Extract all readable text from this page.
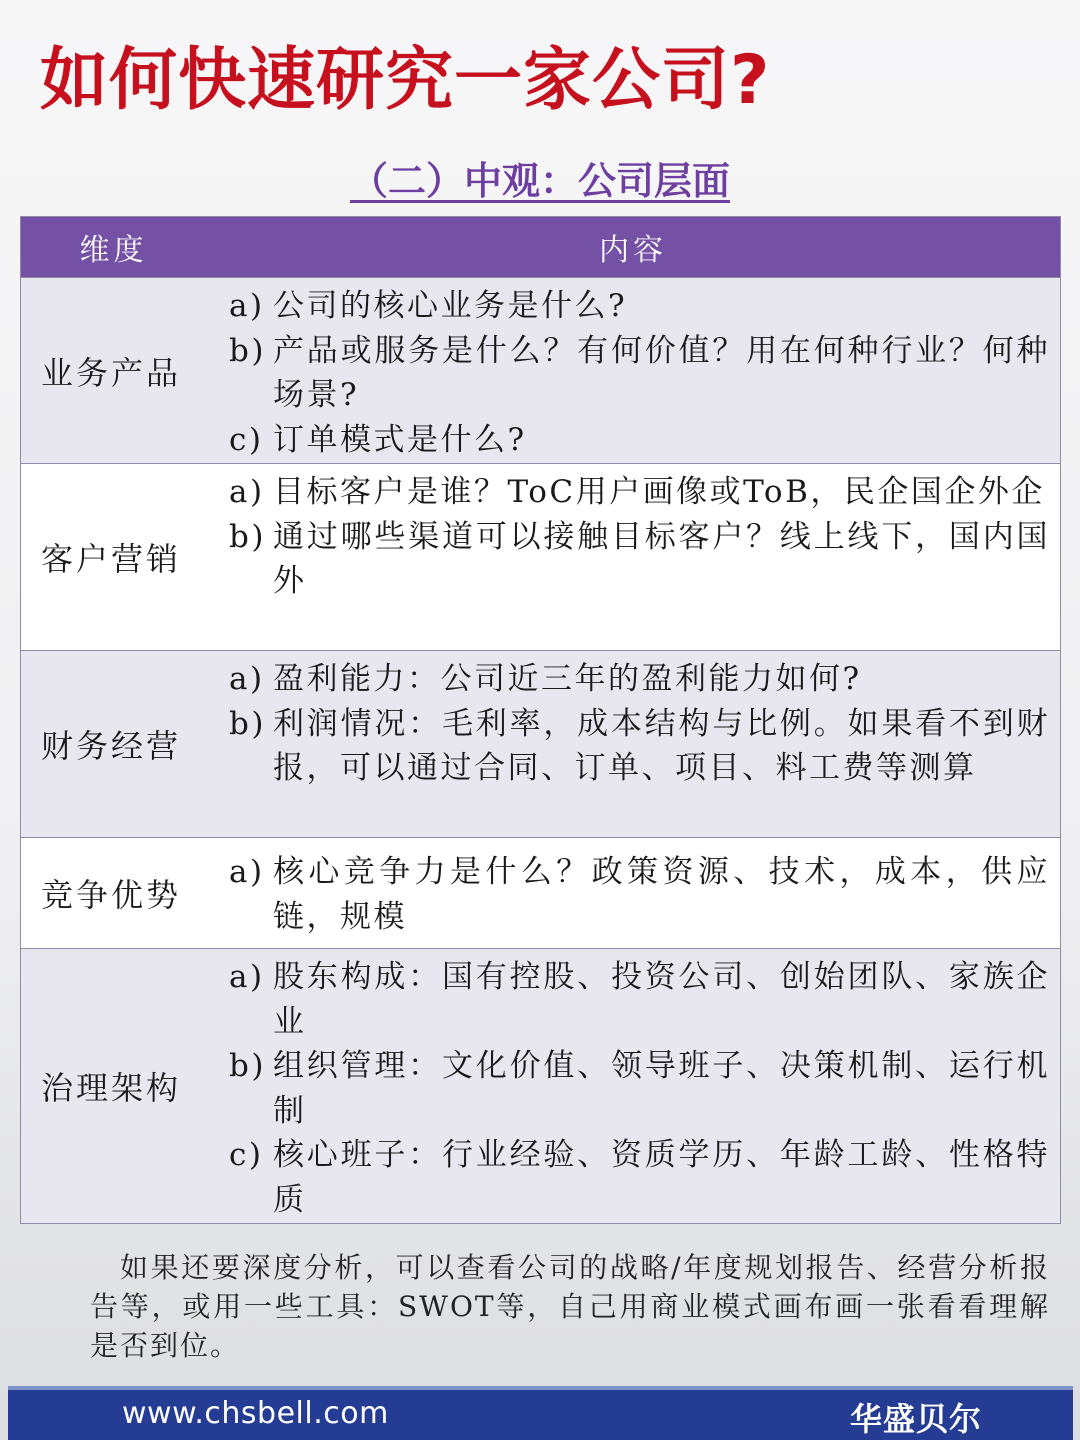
如何快速研究一家公司?
（二）中观：公司层面
维度	内容
业务产品
a) 公司的核心业务是什么?
b) 产品或服务是什么？有何价值？用在何种行业？何种场景?
c) 订单模式是什么?
客户营销
a) 目标客户是谁？ToC用户画像或ToB，民企国企外企
b) 通过哪些渠道可以接触目标客户？线上线下，国内国外
财务经营
a) 盈利能力：公司近三年的盈利能力如何?
b) 利润情况：毛利率，成本结构与比例。如果看不到财报，可以通过合同、订单、项目、料工费等测算
竞争优势
a) 核心竞争力是什么？政策资源、技术，成本，供应链，规模
治理架构
a) 股东构成：国有控股、投资公司、创始团队、家族企业
b) 组织管理：文化价值、领导班子、决策机制、运行机制
c) 核心班子：行业经验、资质学历、年龄工龄、性格特质
如果还要深度分析，可以查看公司的战略/年度规划报告、经营分析报告等，或用一些工具：SWOT等，自己用商业模式画布画一张看看理解是否到位。
www.chsbell.com	华盛贝尔
